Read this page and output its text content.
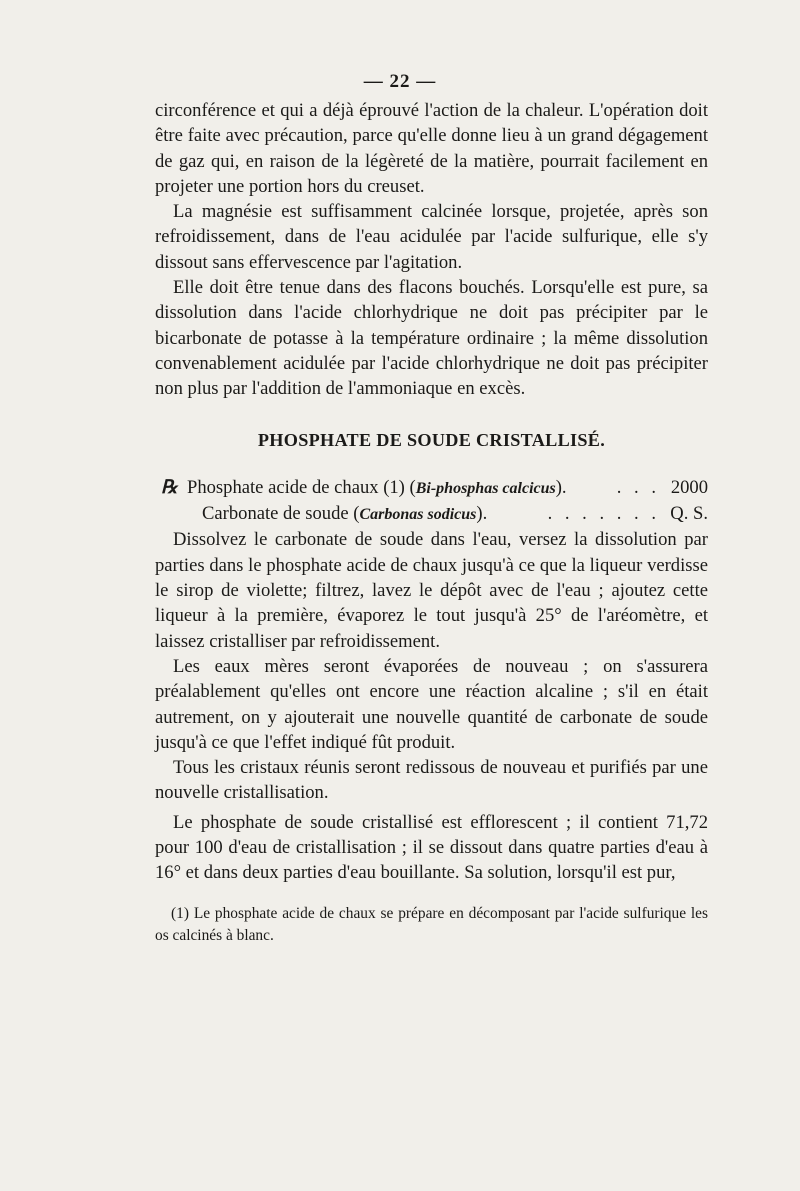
— 22 —

circonférence et qui a déjà éprouvé l'action de la chaleur. L'opération doit être faite avec précaution, parce qu'elle donne lieu à un grand dégagement de gaz qui, en raison de la légèreté de la matière, pourrait facilement en projeter une portion hors du creuset.

La magnésie est suffisamment calcinée lorsque, projetée, après son refroidissement, dans de l'eau acidulée par l'acide sulfurique, elle s'y dissout sans effervescence par l'agitation.

Elle doit être tenue dans des flacons bouchés. Lorsqu'elle est pure, sa dissolution dans l'acide chlorhydrique ne doit pas précipiter par le bicarbonate de potasse à la température ordinaire ; la même dissolution convenablement acidulée par l'acide chlorhydrique ne doit pas précipiter non plus par l'addition de l'ammoniaque en excès.

PHOSPHATE DE SOUDE CRISTALLISÉ.

℞ Phosphate acide de chaux (1) (Bi-phosphas calcicus).	. . . 2000

Carbonate de soude (Carbonas sodicus).	. . . . . . . Q. S.

Dissolvez le carbonate de soude dans l'eau, versez la dissolution par parties dans le phosphate acide de chaux jusqu'à ce que la liqueur verdisse le sirop de violette; filtrez, lavez le dépôt avec de l'eau ; ajoutez cette liqueur à la première, évaporez le tout jusqu'à 25° de l'aréomètre, et laissez cristalliser par refroidissement.

Les eaux mères seront évaporées de nouveau ; on s'assurera préalablement qu'elles ont encore une réaction alcaline ; s'il en était autrement, on y ajouterait une nouvelle quantité de carbonate de soude jusqu'à ce que l'effet indiqué fût produit.

Tous les cristaux réunis seront redissous de nouveau et purifiés par une nouvelle cristallisation.

Le phosphate de soude cristallisé est efflorescent ; il contient 71,72 pour 100 d'eau de cristallisation ; il se dissout dans quatre parties d'eau à 16° et dans deux parties d'eau bouillante. Sa solution, lorsqu'il est pur,

(1) Le phosphate acide de chaux se prépare en décomposant par l'acide sulfurique les os calcinés à blanc.
